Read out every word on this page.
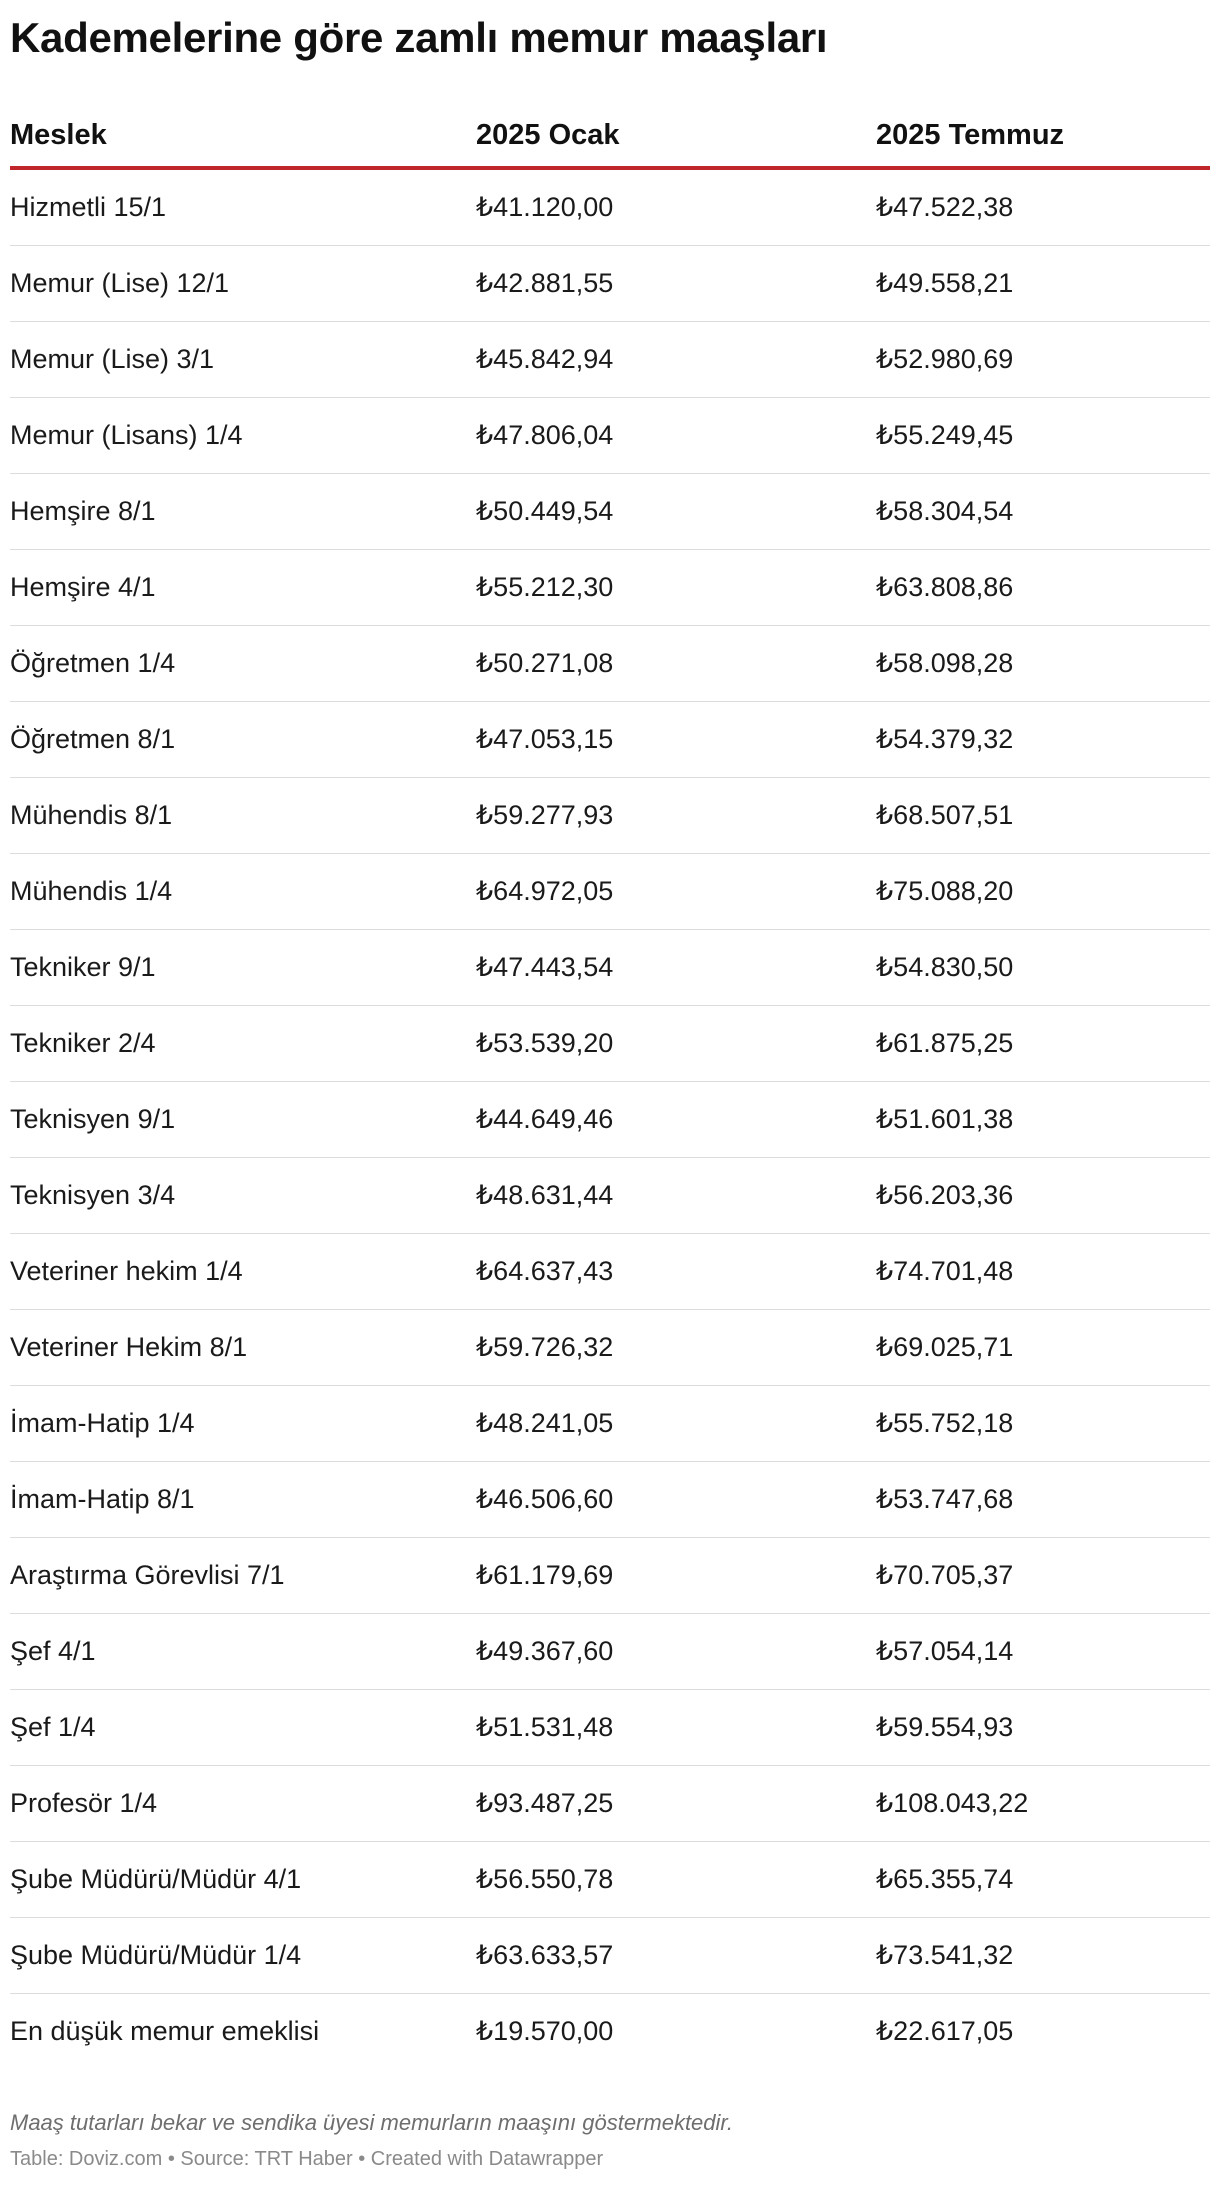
Kademelerine göre zamlı memur maaşları
Meslek	2025 Ocak	2025 Temmuz
Hizmetli 15/1	₺41.120,00	₺47.522,38
Memur (Lise) 12/1	₺42.881,55	₺49.558,21
Memur (Lise) 3/1	₺45.842,94	₺52.980,69
Memur (Lisans) 1/4	₺47.806,04	₺55.249,45
Hemşire 8/1	₺50.449,54	₺58.304,54
Hemşire 4/1	₺55.212,30	₺63.808,86
Öğretmen 1/4	₺50.271,08	₺58.098,28
Öğretmen 8/1	₺47.053,15	₺54.379,32
Mühendis 8/1	₺59.277,93	₺68.507,51
Mühendis 1/4	₺64.972,05	₺75.088,20
Tekniker 9/1	₺47.443,54	₺54.830,50
Tekniker 2/4	₺53.539,20	₺61.875,25
Teknisyen 9/1	₺44.649,46	₺51.601,38
Teknisyen 3/4	₺48.631,44	₺56.203,36
Veteriner hekim 1/4	₺64.637,43	₺74.701,48
Veteriner Hekim 8/1	₺59.726,32	₺69.025,71
İmam-Hatip 1/4	₺48.241,05	₺55.752,18
İmam-Hatip 8/1	₺46.506,60	₺53.747,68
Araştırma Görevlisi 7/1	₺61.179,69	₺70.705,37
Şef 4/1	₺49.367,60	₺57.054,14
Şef 1/4	₺51.531,48	₺59.554,93
Profesör 1/4	₺93.487,25	₺108.043,22
Şube Müdürü/Müdür 4/1	₺56.550,78	₺65.355,74
Şube Müdürü/Müdür 1/4	₺63.633,57	₺73.541,32
En düşük memur emeklisi	₺19.570,00	₺22.617,05
Maaş tutarları bekar ve sendika üyesi memurların maaşını göstermektedir.
Table: Doviz.com • Source: TRT Haber • Created with Datawrapper
